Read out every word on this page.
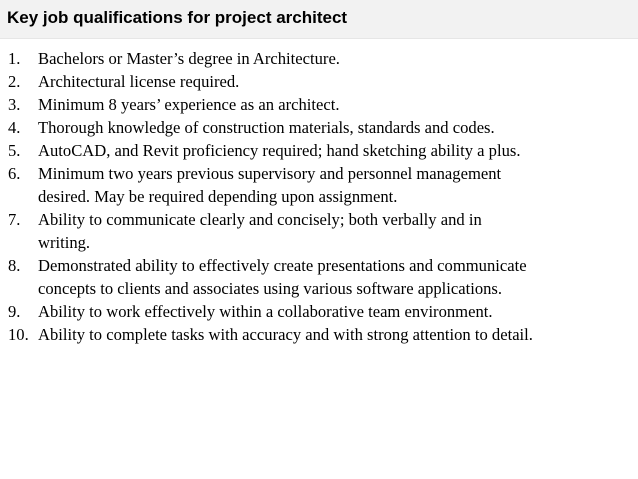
Key job qualifications for project architect
1.	Bachelors or Master’s degree in Architecture.
2.	Architectural license required.
3.	Minimum 8 years’ experience as an architect.
4.	Thorough knowledge of construction materials, standards and codes.
5.	AutoCAD, and Revit proficiency required; hand sketching ability a plus.
6.	Minimum two years previous supervisory and personnel management
desired. May be required depending upon assignment.
7.	Ability to communicate clearly and concisely; both verbally and in
writing.
8.	Demonstrated ability to effectively create presentations and communicate
concepts to clients and associates using various software applications.
9.	Ability to work effectively within a collaborative team environment.
10. Ability to complete tasks with accuracy and with strong attention to detail.
